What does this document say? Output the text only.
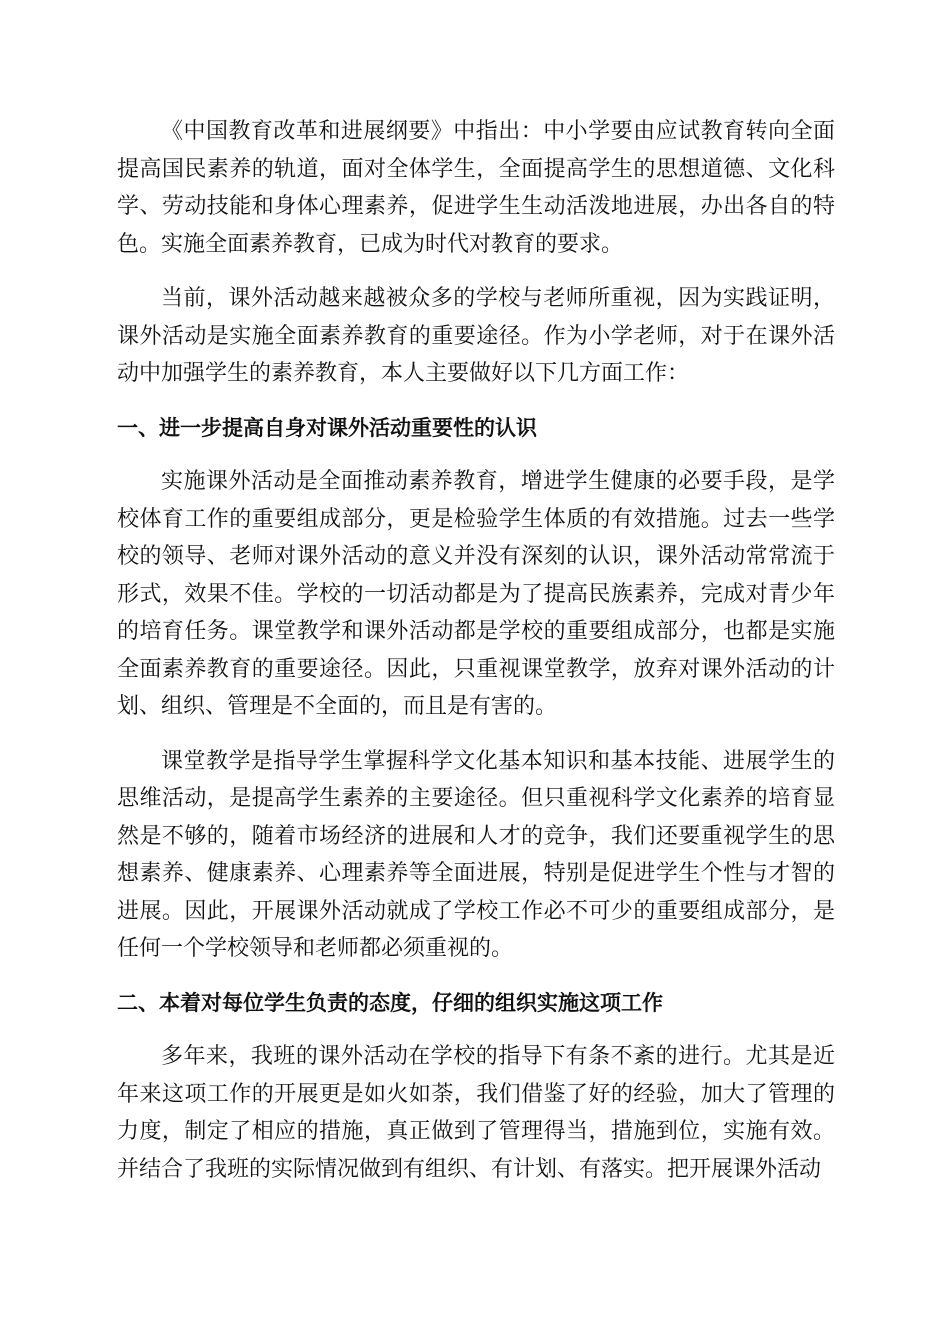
《中国教育改革和进展纲要》中指出：中小学要由应试教育转向全面提高国民素养的轨道，面对全体学生，全面提高学生的思想道德、文化科学、劳动技能和身体心理素养，促进学生生动活泼地进展，办出各自的特色。实施全面素养教育，已成为时代对教育的要求。

当前，课外活动越来越被众多的学校与老师所重视，因为实践证明，课外活动是实施全面素养教育的重要途径。作为小学老师，对于在课外活动中加强学生的素养教育，本人主要做好以下几方面工作：

一、进一步提高自身对课外活动重要性的认识

实施课外活动是全面推动素养教育，增进学生健康的必要手段，是学校体育工作的重要组成部分，更是检验学生体质的有效措施。过去一些学校的领导、老师对课外活动的意义并没有深刻的认识，课外活动常常流于形式，效果不佳。学校的一切活动都是为了提高民族素养，完成对青少年的培育任务。课堂教学和课外活动都是学校的重要组成部分，也都是实施全面素养教育的重要途径。因此，只重视课堂教学，放弃对课外活动的计划、组织、管理是不全面的，而且是有害的。

课堂教学是指导学生掌握科学文化基本知识和基本技能、进展学生的思维活动，是提高学生素养的主要途径。但只重视科学文化素养的培育显然是不够的，随着市场经济的进展和人才的竞争，我们还要重视学生的思想素养、健康素养、心理素养等全面进展，特别是促进学生个性与才智的进展。因此，开展课外活动就成了学校工作必不可少的重要组成部分，是任何一个学校领导和老师都必须重视的。

二、本着对每位学生负责的态度，仔细的组织实施这项工作

多年来，我班的课外活动在学校的指导下有条不紊的进行。尤其是近年来这项工作的开展更是如火如荼，我们借鉴了好的经验，加大了管理的力度，制定了相应的措施，真正做到了管理得当，措施到位，实施有效。并结合了我班的实际情况做到有组织、有计划、有落实。把开展课外活动
